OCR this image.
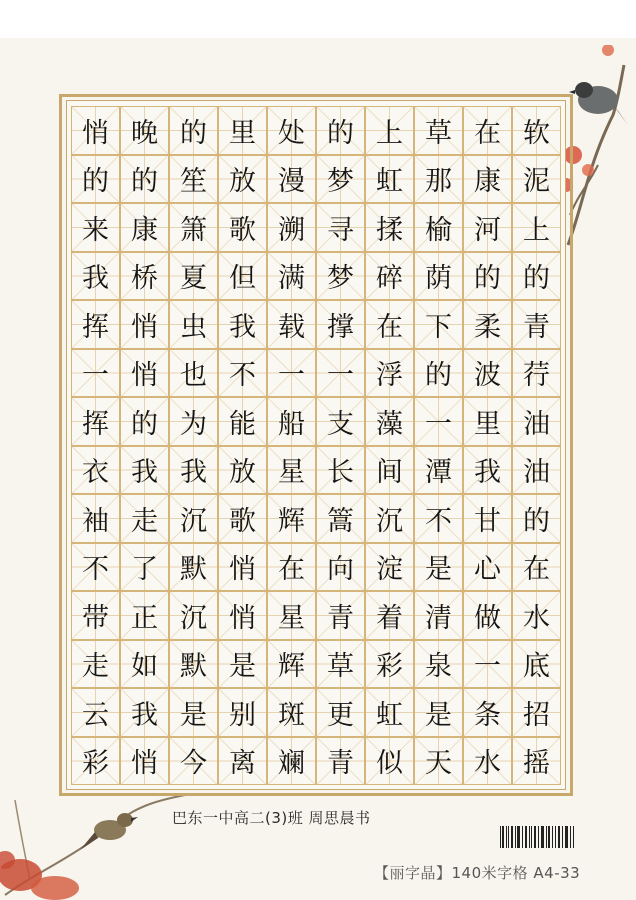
悄 晚 的 里 处 的 上 草 在 软
的 的 笙 放 漫 梦 虹 那 康 泥
来 康 箫 歌 溯 寻 揉 榆 河 上
我 桥 夏 但 满 梦 碎 荫 的 的
挥 悄 虫 我 载 撑 在 下 柔 青
一 悄 也 不 一 一 浮 的 波 荇
挥 的 为 能 船 支 藻 一 里 油
衣 我 我 放 星 长 间 潭 我 油
袖 走 沉 歌 辉 篙 沉 不 甘 的
不 了 默 悄 在 向 淀 是 心 在
带 正 沉 悄 星 青 着 清 做 水
走 如 默 是 辉 草 彩 泉 一 底
云 我 是 别 斑 更 虹 是 条 招
彩 悄 今 离 斓 青 似 天 水 摇
巴东一中高二(3)班 周思晨书
【丽字晶】140米字格 A4-33
